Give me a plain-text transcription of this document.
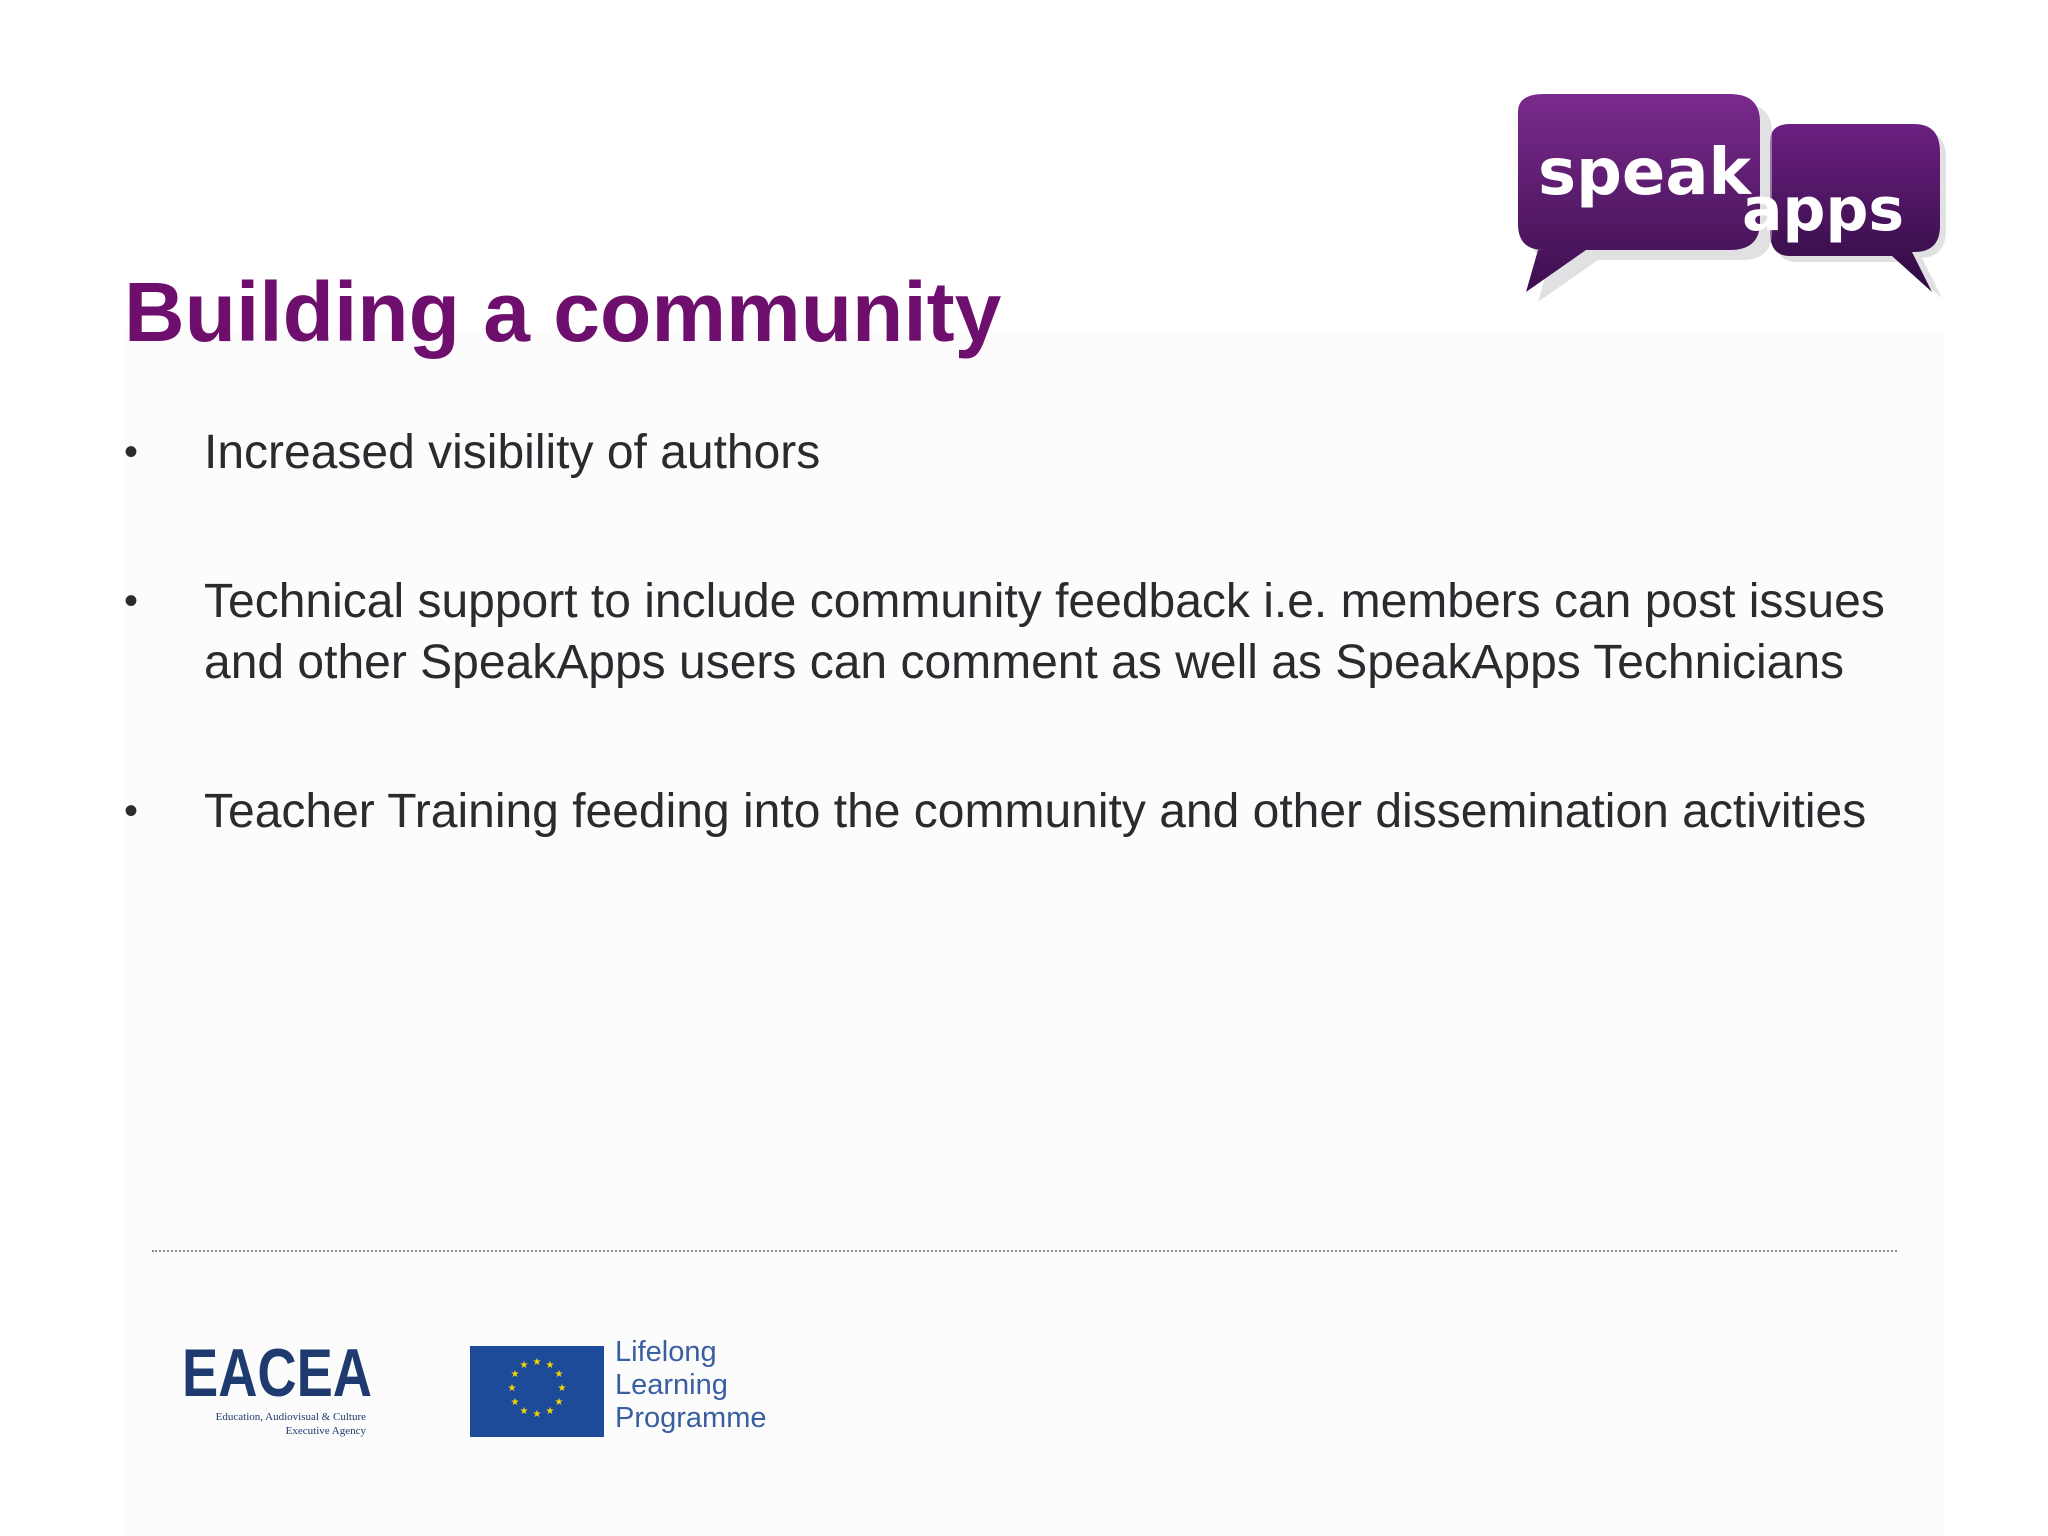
speak
apps
Building a community
•	Increased visibility of authors
•	Technical support to include community feedback i.e. members can post issues and other SpeakApps users can comment as well as SpeakApps Technicians
•	Teacher Training feeding into the community and other dissemination activities
EACEA
Education, Audiovisual & Culture
Executive Agency
★ ★
★
★
★
★
★
★
★
★
★
★	Lifelong
Learning
Programme
